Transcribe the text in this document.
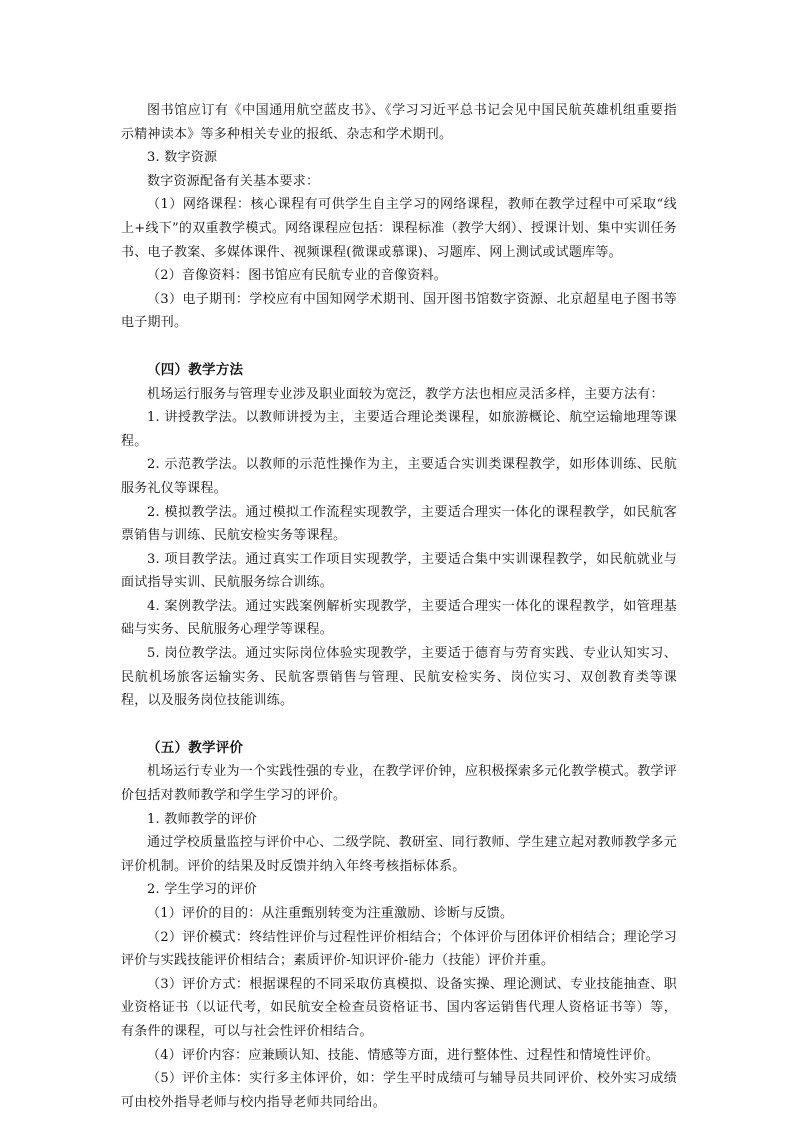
图书馆应订有《中国通用航空蓝皮书》、《学习习近平总书记会见中国民航英雄机组重要指示精神读本》等多种相关专业的报纸、杂志和学术期刊。

3. 数字资源

数字资源配备有关基本要求：

（1）网络课程：核心课程有可供学生自主学习的网络课程，教师在教学过程中可采取“线上+线下”的双重教学模式。网络课程应包括：课程标准（教学大纲）、授课计划、集中实训任务书、电子教案、多媒体课件、视频课程(微课或慕课)、习题库、网上测试或试题库等。

（2）音像资料：图书馆应有民航专业的音像资料。

（3）电子期刊：学校应有中国知网学术期刊、国开图书馆数字资源、北京超星电子图书等电子期刊。

（四）教学方法

机场运行服务与管理专业涉及职业面较为宽泛，教学方法也相应灵活多样，主要方法有：

1. 讲授教学法。以教师讲授为主，主要适合理论类课程，如旅游概论、航空运输地理等课程。

2. 示范教学法。以教师的示范性操作为主，主要适合实训类课程教学，如形体训练、民航服务礼仪等课程。

2. 模拟教学法。通过模拟工作流程实现教学，主要适合理实一体化的课程教学，如民航客票销售与训练、民航安检实务等课程。

3. 项目教学法。通过真实工作项目实现教学，主要适合集中实训课程教学，如民航就业与面试指导实训、民航服务综合训练。

4. 案例教学法。通过实践案例解析实现教学，主要适合理实一体化的课程教学，如管理基础与实务、民航服务心理学等课程。

5. 岗位教学法。通过实际岗位体验实现教学，主要适于德育与劳育实践、专业认知实习、民航机场旅客运输实务、民航客票销售与管理、民航安检实务、岗位实习、双创教育类等课程，以及服务岗位技能训练。

（五）教学评价

机场运行专业为一个实践性强的专业，在教学评价钟，应积极探索多元化教学模式。教学评价包括对教师教学和学生学习的评价。

1. 教师教学的评价

通过学校质量监控与评价中心、二级学院、教研室、同行教师、学生建立起对教师教学多元评价机制。评价的结果及时反馈并纳入年终考核指标体系。

2. 学生学习的评价

（1）评价的目的：从注重甄别转变为注重激励、诊断与反馈。

（2）评价模式：终结性评价与过程性评价相结合；个体评价与团体评价相结合；理论学习评价与实践技能评价相结合；素质评价-知识评价-能力（技能）评价并重。

（3）评价方式：根据课程的不同采取仿真模拟、设备实操、理论测试、专业技能抽查、职业资格证书（以证代考，如民航安全检查员资格证书、国内客运销售代理人资格证书等）等，有条件的课程，可以与社会性评价相结合。

（4）评价内容：应兼顾认知、技能、情感等方面，进行整体性、过程性和情境性评价。

（5）评价主体：实行多主体评价，如：学生平时成绩可与辅导员共同评价、校外实习成绩可由校外指导老师与校内指导老师共同给出。
